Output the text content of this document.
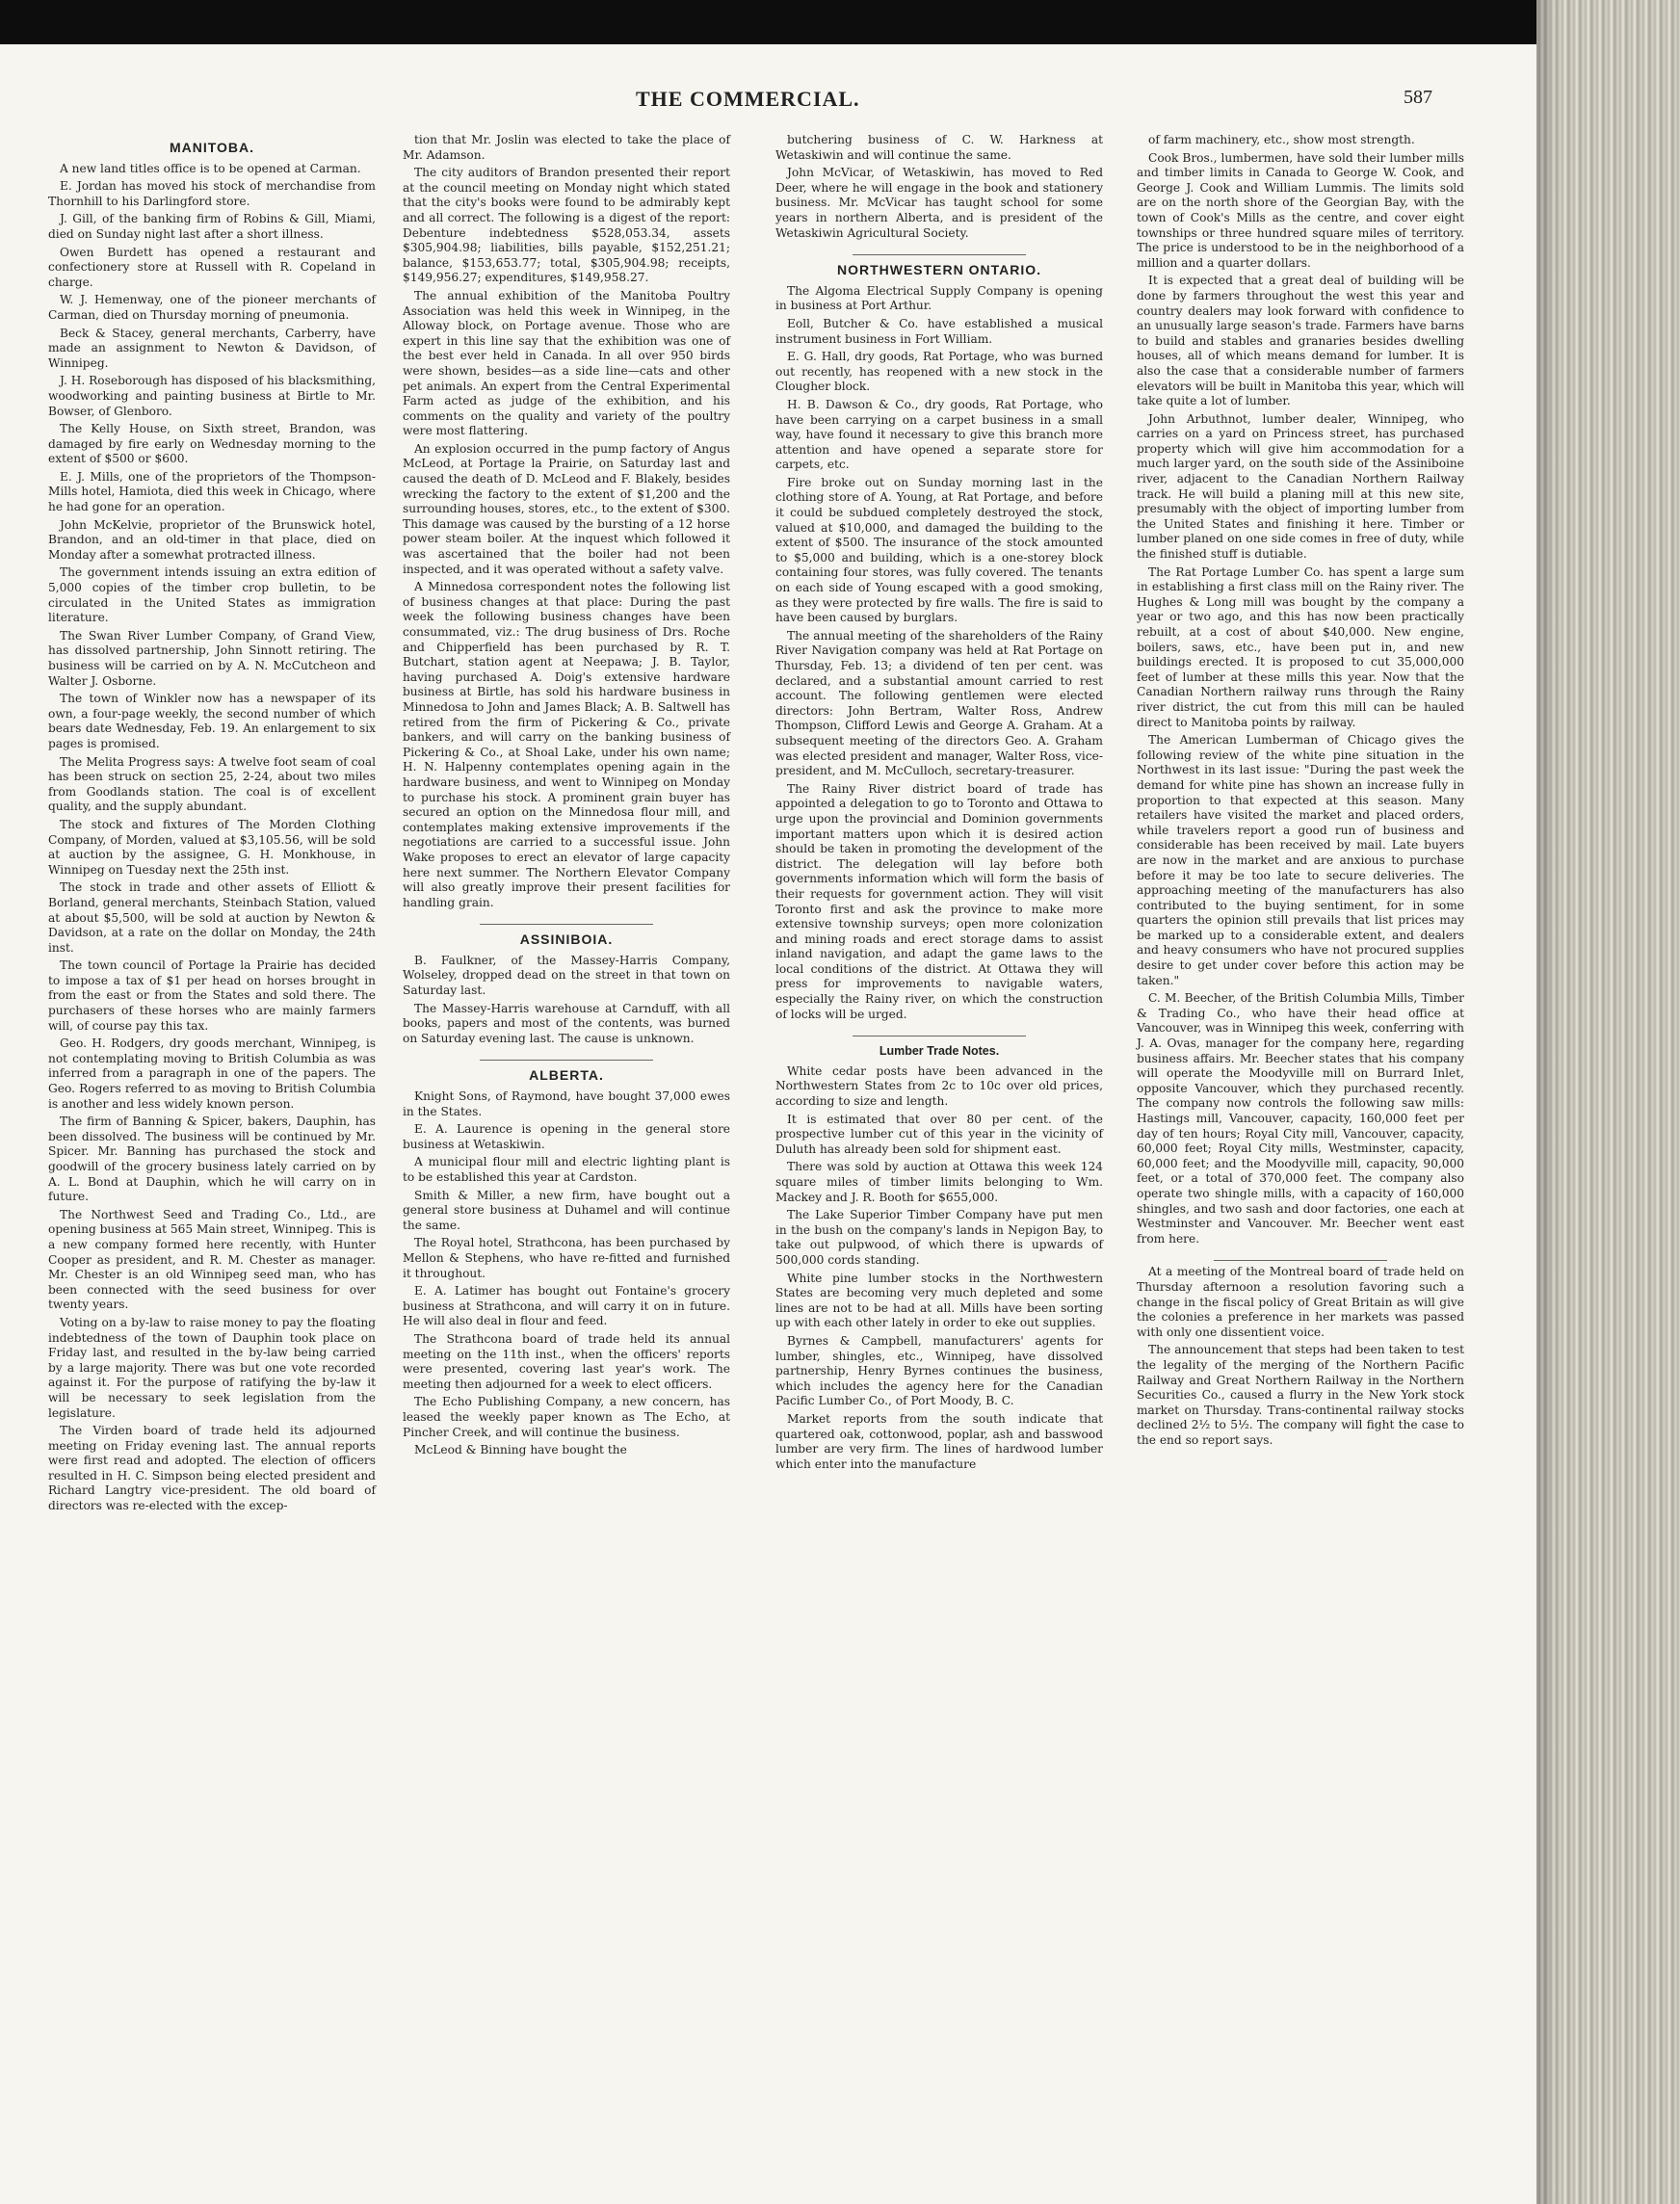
THE COMMERCIAL.	587
MANITOBA.

A new land titles office is to be opened at Carman.

E. Jordan has moved his stock of merchandise from Thornhill to his Darlingford store.

J. Gill, of the banking firm of Robins & Gill, Miami, died on Sunday night last after a short illness.

Owen Burdett has opened a restaurant and confectionery store at Russell with R. Copeland in charge.

W. J. Hemenway, one of the pioneer merchants of Carman, died on Thursday morning of pneumonia.

Beck & Stacey, general merchants, Carberry, have made an assignment to Newton & Davidson, of Winnipeg.

J. H. Roseborough has disposed of his blacksmithing, woodworking and painting business at Birtle to Mr. Bowser, of Glenboro.

The Kelly House, on Sixth street, Brandon, was damaged by fire early on Wednesday morning to the extent of $500 or $600.

E. J. Mills, one of the proprietors of the Thompson-Mills hotel, Hamiota, died this week in Chicago, where he had gone for an operation.

John McKelvie, proprietor of the Brunswick hotel, Brandon, and an old-timer in that place, died on Monday after a somewhat protracted illness.

The government intends issuing an extra edition of 5,000 copies of the timber crop bulletin, to be circulated in the United States as immigration literature.

The Swan River Lumber Company, of Grand View, has dissolved partnership, John Sinnott retiring. The business will be carried on by A. N. McCutcheon and Walter J. Osborne.

The town of Winkler now has a newspaper of its own, a four-page weekly, the second number of which bears date Wednesday, Feb. 19. An enlargement to six pages is promised.

The Melita Progress says: A twelve foot seam of coal has been struck on section 25, 2-24, about two miles from Goodlands station. The coal is of excellent quality, and the supply abundant.

The stock and fixtures of The Morden Clothing Company, of Morden, valued at $3,105.56, will be sold at auction by the assignee, G. H. Monkhouse, in Winnipeg on Tuesday next the 25th inst.

The stock in trade and other assets of Elliott & Borland, general merchants, Steinbach Station, valued at about $5,500, will be sold at auction by Newton & Davidson, at a rate on the dollar on Monday, the 24th inst.

The town council of Portage la Prairie has decided to impose a tax of $1 per head on horses brought in from the east or from the States and sold there. The purchasers of these horses who are mainly farmers will, of course pay this tax.

Geo. H. Rodgers, dry goods merchant, Winnipeg, is not contemplating moving to British Columbia as was inferred from a paragraph in one of the papers. The Geo. Rogers referred to as moving to British Columbia is another and less widely known person.

The firm of Banning & Spicer, bakers, Dauphin, has been dissolved. The business will be continued by Mr. Spicer. Mr. Banning has purchased the stock and goodwill of the grocery business lately carried on by A. L. Bond at Dauphin, which he will carry on in future.

The Northwest Seed and Trading Co., Ltd., are opening business at 565 Main street, Winnipeg. This is a new company formed here recently, with Hunter Cooper as president, and R. M. Chester as manager. Mr. Chester is an old Winnipeg seed man, who has been connected with the seed business for over twenty years.

Voting on a by-law to raise money to pay the floating indebtedness of the town of Dauphin took place on Friday last, and resulted in the by-law being carried by a large majority. There was but one vote recorded against it. For the purpose of ratifying the by-law it will be necessary to seek legislation from the legislature.

The Virden board of trade held its adjourned meeting on Friday evening last. The annual reports were first read and adopted. The election of officers resulted in H. C. Simpson being elected president and Richard Langtry vice-president. The old board of directors was re-elected with the excep-

tion that Mr. Joslin was elected to take the place of Mr. Adamson.

The city auditors of Brandon presented their report at the council meeting on Monday night which stated that the city's books were found to be admirably kept and all correct. The following is a digest of the report: Debenture indebtedness $528,053.34, assets $305,904.98; liabilities, bills payable, $152,251.21; balance, $153,653.77; total, $305,904.98; receipts, $149,956.27; expenditures, $149,958.27.

The annual exhibition of the Manitoba Poultry Association was held this week in Winnipeg, in the Alloway block, on Portage avenue. Those who are expert in this line say that the exhibition was one of the best ever held in Canada. In all over 950 birds were shown, besides—as a side line—cats and other pet animals. An expert from the Central Experimental Farm acted as judge of the exhibition, and his comments on the quality and variety of the poultry were most flattering.

An explosion occurred in the pump factory of Angus McLeod, at Portage la Prairie, on Saturday last and caused the death of D. McLeod and F. Blakely, besides wrecking the factory to the extent of $1,200 and the surrounding houses, stores, etc., to the extent of $300. This damage was caused by the bursting of a 12 horse power steam boiler. At the inquest which followed it was ascertained that the boiler had not been inspected, and it was operated without a safety valve.

A Minnedosa correspondent notes the following list of business changes at that place: During the past week the following business changes have been consummated, viz.: The drug business of Drs. Roche and Chipperfield has been purchased by R. T. Butchart, station agent at Neepawa; J. B. Taylor, having purchased A. Doig's extensive hardware business at Birtle, has sold his hardware business in Minnedosa to John and James Black; A. B. Saltwell has retired from the firm of Pickering & Co., private bankers, and will carry on the banking business of Pickering & Co., at Shoal Lake, under his own name; H. N. Halpenny contemplates opening again in the hardware business, and went to Winnipeg on Monday to purchase his stock. A prominent grain buyer has secured an option on the Minnedosa flour mill, and contemplates making extensive improvements if the negotiations are carried to a successful issue. John Wake proposes to erect an elevator of large capacity here next summer. The Northern Elevator Company will also greatly improve their present facilities for handling grain.

ASSINIBOIA.

B. Faulkner, of the Massey-Harris Company, Wolseley, dropped dead on the street in that town on Saturday last.

The Massey-Harris warehouse at Carnduff, with all books, papers and most of the contents, was burned on Saturday evening last. The cause is unknown.

ALBERTA.

Knight Sons, of Raymond, have bought 37,000 ewes in the States.

E. A. Laurence is opening in the general store business at Wetaskiwin.

A municipal flour mill and electric lighting plant is to be established this year at Cardston.

Smith & Miller, a new firm, have bought out a general store business at Duhamel and will continue the same.

The Royal hotel, Strathcona, has been purchased by Mellon & Stephens, who have re-fitted and furnished it throughout.

E. A. Latimer has bought out Fontaine's grocery business at Strathcona, and will carry it on in future. He will also deal in flour and feed.

The Strathcona board of trade held its annual meeting on the 11th inst., when the officers' reports were presented, covering last year's work. The meeting then adjourned for a week to elect officers.

The Echo Publishing Company, a new concern, has leased the weekly paper known as The Echo, at Pincher Creek, and will continue the business.

McLeod & Binning have bought the

butchering business of C. W. Harkness at Wetaskiwin and will continue the same.

John McVicar, of Wetaskiwin, has moved to Red Deer, where he will engage in the book and stationery business. Mr. McVicar has taught school for some years in northern Alberta, and is president of the Wetaskiwin Agricultural Society.

NORTHWESTERN ONTARIO.

The Algoma Electrical Supply Company is opening in business at Port Arthur.

Eoll, Butcher & Co. have established a musical instrument business in Fort William.

E. G. Hall, dry goods, Rat Portage, who was burned out recently, has reopened with a new stock in the Clougher block.

H. B. Dawson & Co., dry goods, Rat Portage, who have been carrying on a carpet business in a small way, have found it necessary to give this branch more attention and have opened a separate store for carpets, etc.

Fire broke out on Sunday morning last in the clothing store of A. Young, at Rat Portage, and before it could be subdued completely destroyed the stock, valued at $10,000, and damaged the building to the extent of $500. The insurance of the stock amounted to $5,000 and building, which is a one-storey block containing four stores, was fully covered. The tenants on each side of Young escaped with a good smoking, as they were protected by fire walls. The fire is said to have been caused by burglars.

The annual meeting of the shareholders of the Rainy River Navigation company was held at Rat Portage on Thursday, Feb. 13; a dividend of ten per cent. was declared, and a substantial amount carried to rest account. The following gentlemen were elected directors: John Bertram, Walter Ross, Andrew Thompson, Clifford Lewis and George A. Graham. At a subsequent meeting of the directors Geo. A. Graham was elected president and manager, Walter Ross, vice-president, and M. McCulloch, secretary-treasurer.

The Rainy River district board of trade has appointed a delegation to go to Toronto and Ottawa to urge upon the provincial and Dominion governments important matters upon which it is desired action should be taken in promoting the development of the district. The delegation will lay before both governments information which will form the basis of their requests for government action. They will visit Toronto first and ask the province to make more extensive township surveys; open more colonization and mining roads and erect storage dams to assist inland navigation, and adapt the game laws to the local conditions of the district. At Ottawa they will press for improvements to navigable waters, especially the Rainy river, on which the construction of locks will be urged.

Lumber Trade Notes.

White cedar posts have been advanced in the Northwestern States from 2c to 10c over old prices, according to size and length.

It is estimated that over 80 per cent. of the prospective lumber cut of this year in the vicinity of Duluth has already been sold for shipment east.

There was sold by auction at Ottawa this week 124 square miles of timber limits belonging to Wm. Mackey and J. R. Booth for $655,000.

The Lake Superior Timber Company have put men in the bush on the company's lands in Nepigon Bay, to take out pulpwood, of which there is upwards of 500,000 cords standing.

White pine lumber stocks in the Northwestern States are becoming very much depleted and some lines are not to be had at all. Mills have been sorting up with each other lately in order to eke out supplies.

Byrnes & Campbell, manufacturers' agents for lumber, shingles, etc., Winnipeg, have dissolved partnership, Henry Byrnes continues the business, which includes the agency here for the Canadian Pacific Lumber Co., of Port Moody, B. C.

Market reports from the south indicate that quartered oak, cottonwood, poplar, ash and basswood lumber are very firm. The lines of hardwood lumber which enter into the manufacture

of farm machinery, etc., show most strength.

Cook Bros., lumbermen, have sold their lumber mills and timber limits in Canada to George W. Cook, and George J. Cook and William Lummis. The limits sold are on the north shore of the Georgian Bay, with the town of Cook's Mills as the centre, and cover eight townships or three hundred square miles of territory. The price is understood to be in the neighborhood of a million and a quarter dollars.

It is expected that a great deal of building will be done by farmers throughout the west this year and country dealers may look forward with confidence to an unusually large season's trade. Farmers have barns to build and stables and granaries besides dwelling houses, all of which means demand for lumber. It is also the case that a considerable number of farmers elevators will be built in Manitoba this year, which will take quite a lot of lumber.

John Arbuthnot, lumber dealer, Winnipeg, who carries on a yard on Princess street, has purchased property which will give him accommodation for a much larger yard, on the south side of the Assiniboine river, adjacent to the Canadian Northern Railway track. He will build a planing mill at this new site, presumably with the object of importing lumber from the United States and finishing it here. Timber or lumber planed on one side comes in free of duty, while the finished stuff is dutiable.

The Rat Portage Lumber Co. has spent a large sum in establishing a first class mill on the Rainy river. The Hughes & Long mill was bought by the company a year or two ago, and this has now been practically rebuilt, at a cost of about $40,000. New engine, boilers, saws, etc., have been put in, and new buildings erected. It is proposed to cut 35,000,000 feet of lumber at these mills this year. Now that the Canadian Northern railway runs through the Rainy river district, the cut from this mill can be hauled direct to Manitoba points by railway.

The American Lumberman of Chicago gives the following review of the white pine situation in the Northwest in its last issue: "During the past week the demand for white pine has shown an increase fully in proportion to that expected at this season. Many retailers have visited the market and placed orders, while travelers report a good run of business and considerable has been received by mail. Late buyers are now in the market and are anxious to purchase before it may be too late to secure deliveries. The approaching meeting of the manufacturers has also contributed to the buying sentiment, for in some quarters the opinion still prevails that list prices may be marked up to a considerable extent, and dealers and heavy consumers who have not procured supplies desire to get under cover before this action may be taken."

C. M. Beecher, of the British Columbia Mills, Timber & Trading Co., who have their head office at Vancouver, was in Winnipeg this week, conferring with J. A. Ovas, manager for the company here, regarding business affairs. Mr. Beecher states that his company will operate the Moodyville mill on Burrard Inlet, opposite Vancouver, which they purchased recently. The company now controls the following saw mills: Hastings mill, Vancouver, capacity, 160,000 feet per day of ten hours; Royal City mill, Vancouver, capacity, 60,000 feet; Royal City mills, Westminster, capacity, 60,000 feet; and the Moodyville mill, capacity, 90,000 feet, or a total of 370,000 feet. The company also operate two shingle mills, with a capacity of 160,000 shingles, and two sash and door factories, one each at Westminster and Vancouver. Mr. Beecher went east from here.

At a meeting of the Montreal board of trade held on Thursday afternoon a resolution favoring such a change in the fiscal policy of Great Britain as will give the colonies a preference in her markets was passed with only one dissentient voice.

The announcement that steps had been taken to test the legality of the merging of the Northern Pacific Railway and Great Northern Railway in the Northern Securities Co., caused a flurry in the New York stock market on Thursday. Trans-continental railway stocks declined 2½ to 5½. The company will fight the case to the end so report says.
